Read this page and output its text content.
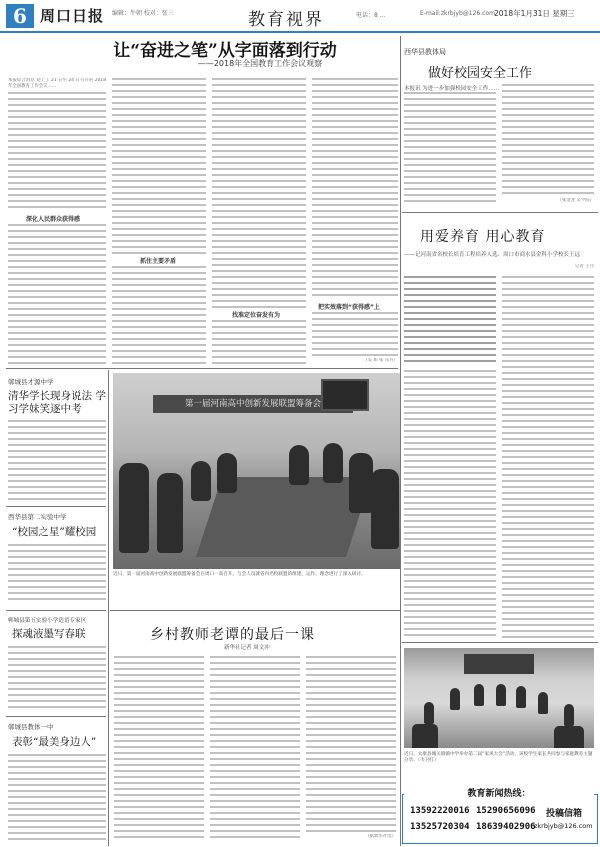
6 周口日报 编辑：牛朝 校对：张三	教育视界	电话：8 …	E-mail:zkrbjyb@126.com 2018年1月31日 星期三
让“奋进之笔”从字面落到行动
——2018年全国教育工作会议观察
本报综合消息 迎上了 21 日至 24 日召开的 2018 年全国教育工作会议……
深化人民群众获得感
抓住主要矛盾
找准定位奋发有为
把实效落到“获得感”上
（吴 Xi 张 东方）
西华县教体局
做好校园安全工作
本报讯 为进一步加强校园安全工作……
（张金龙 吴学院）
用爱养育 用心教育
——记河南省名校长培育工程培养人选、周口市商水县金科小学校长王远
记者 王丹
郸城县才源中学
清华学长现身说法 学习学妹笑逐中考
西华县第二实验中学
“校园之星”耀校园
郸城县第五实验小学造语专家区
探魂液墨写春联
郸城县教体一中
表彰“最美身边人”
第一届河南高中创新发展联盟筹备会
近日，第一届河南高中创新发展联盟筹备会在周口一高召开。与会人员就省内名校联盟的组建、运作、理念进行了深入研讨。
乡村教师老谭的最后一课
新华社记者 周文冲
（据新华社电）
近日，太康县城关镇镇中学举办第二届“家风大会”活动，该校学生家长共同参与家庭教育主题分享。（韦卫红）
教育新闻热线：
13592220016 15290656096
13525720304 18639402906
投稿信箱
zkrbjyb@126.com
